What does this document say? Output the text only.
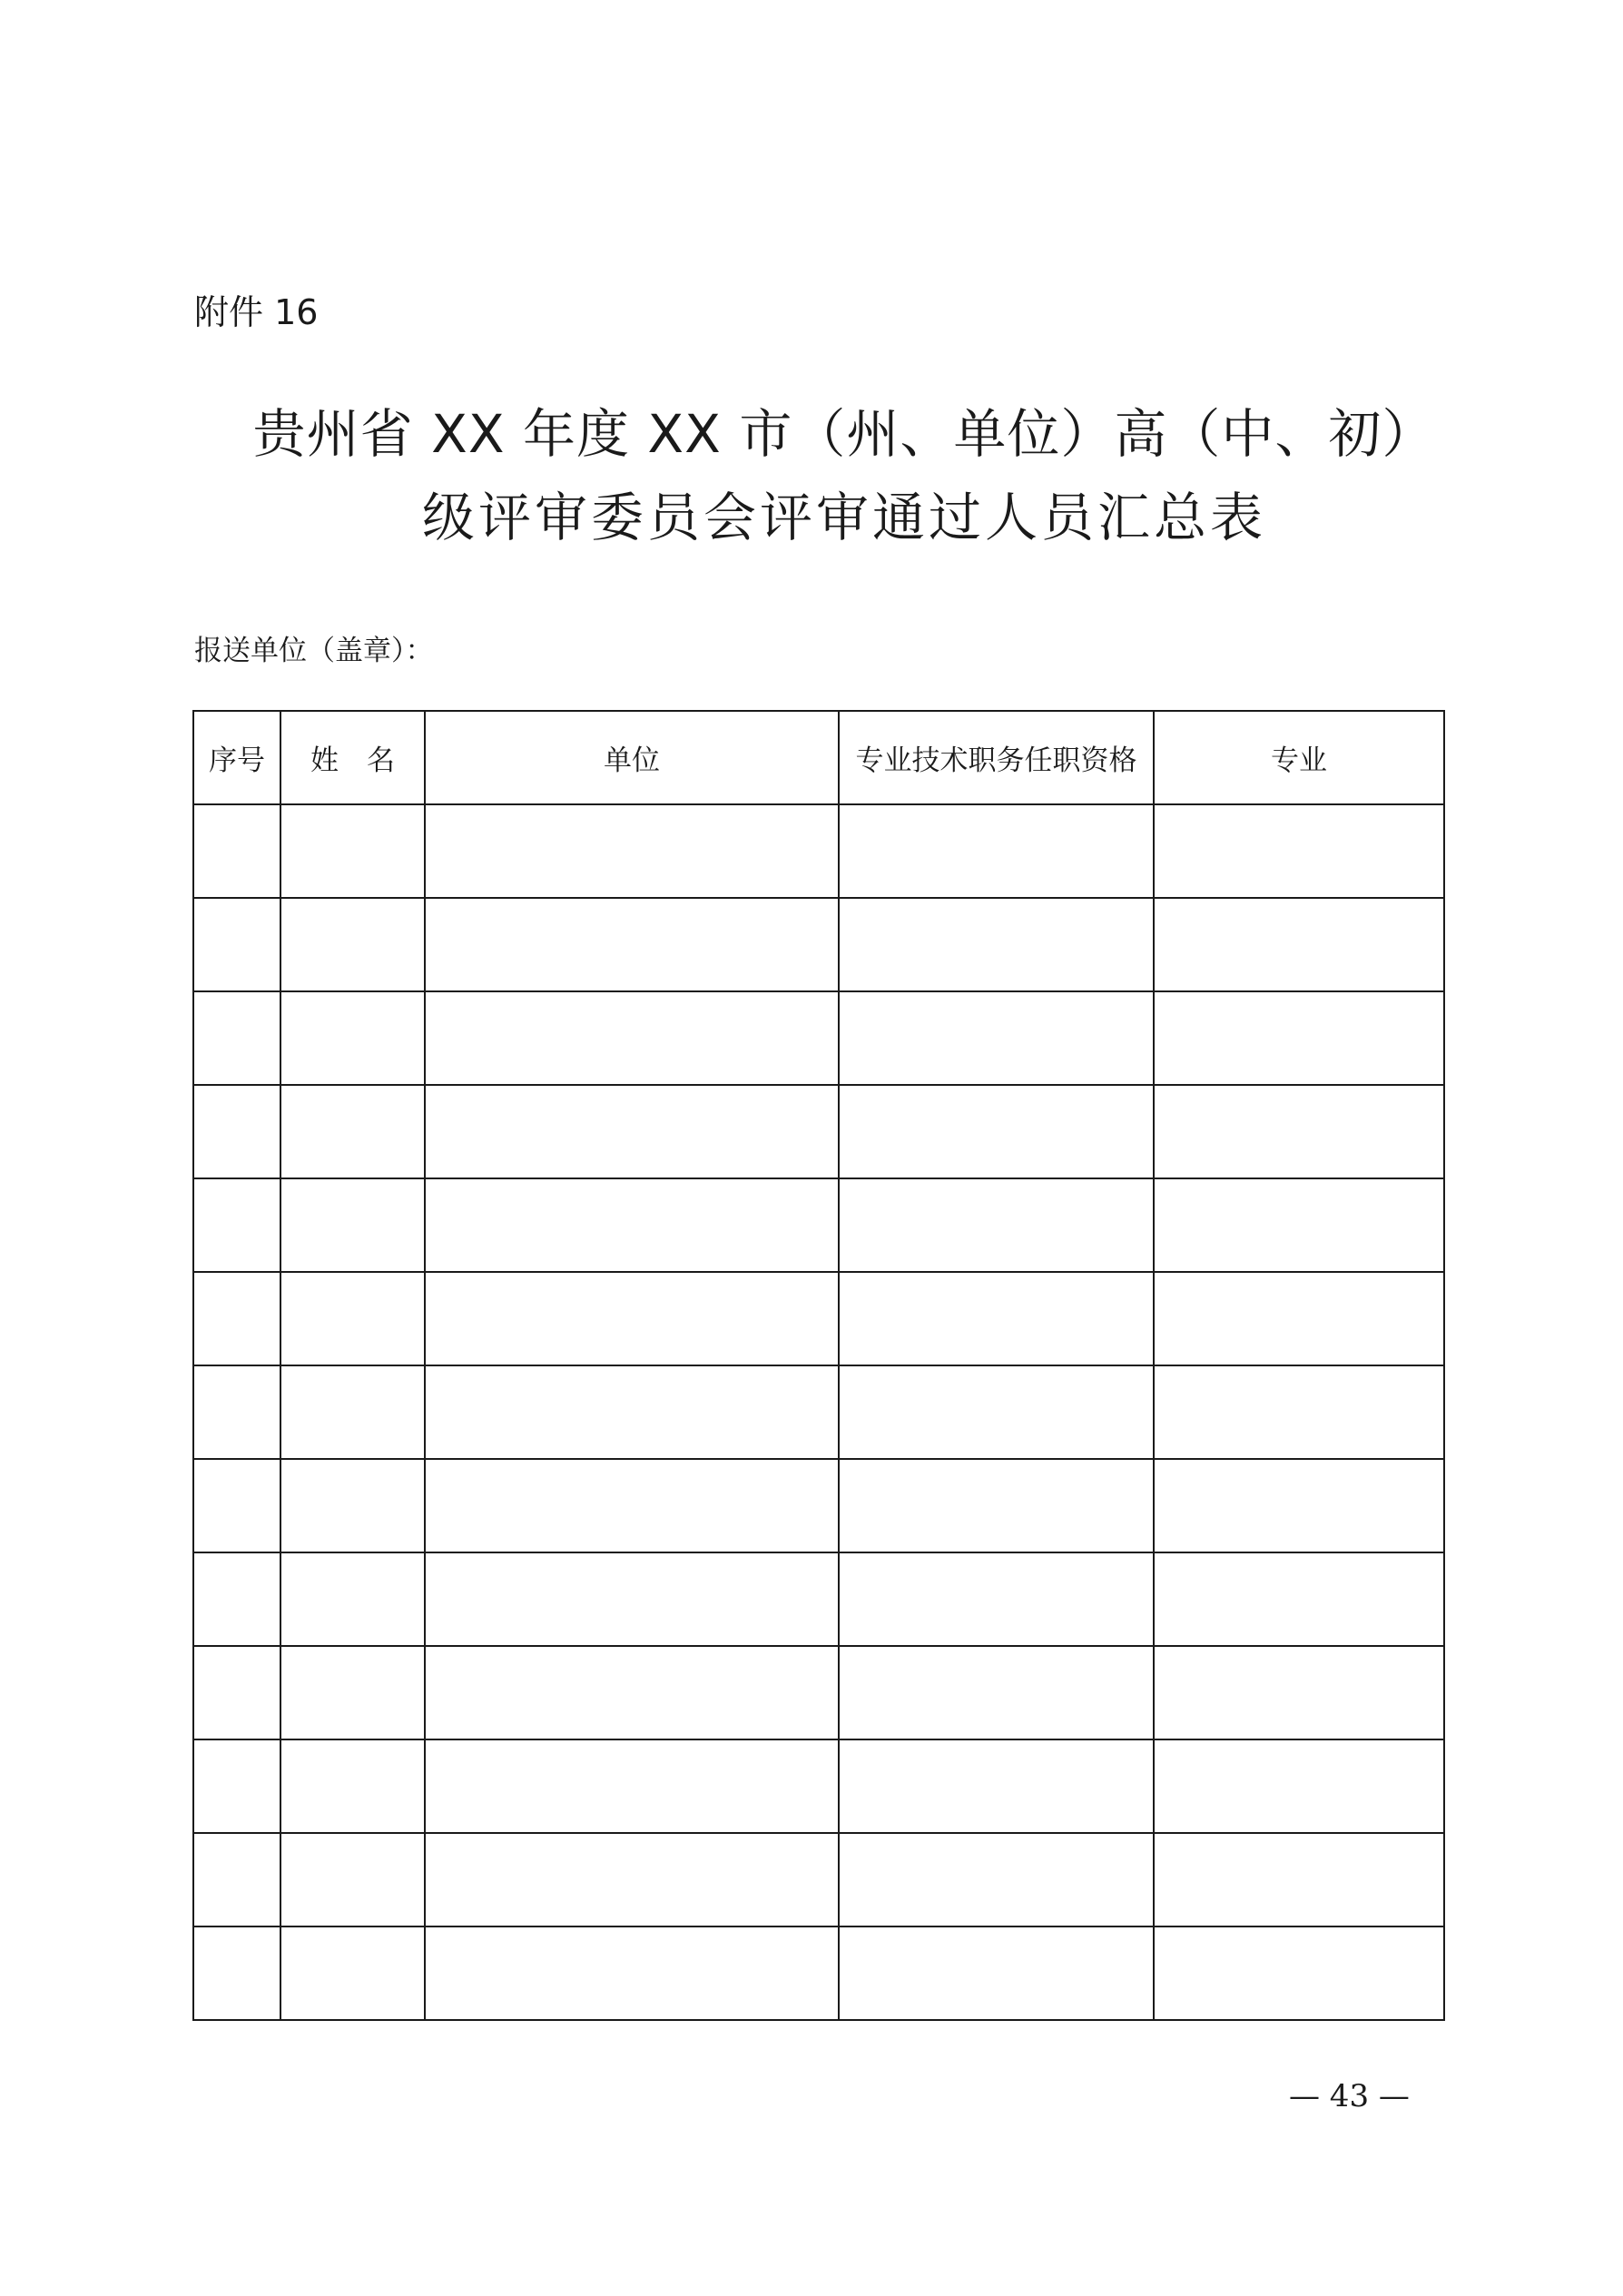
附件 16
贵州省 XX 年度 XX 市（州、单位）高（中、初）
级评审委员会评审通过人员汇总表
报送单位（盖章）：
序号	姓　名	单位	专业技术职务任职资格	专业

— 43 —
